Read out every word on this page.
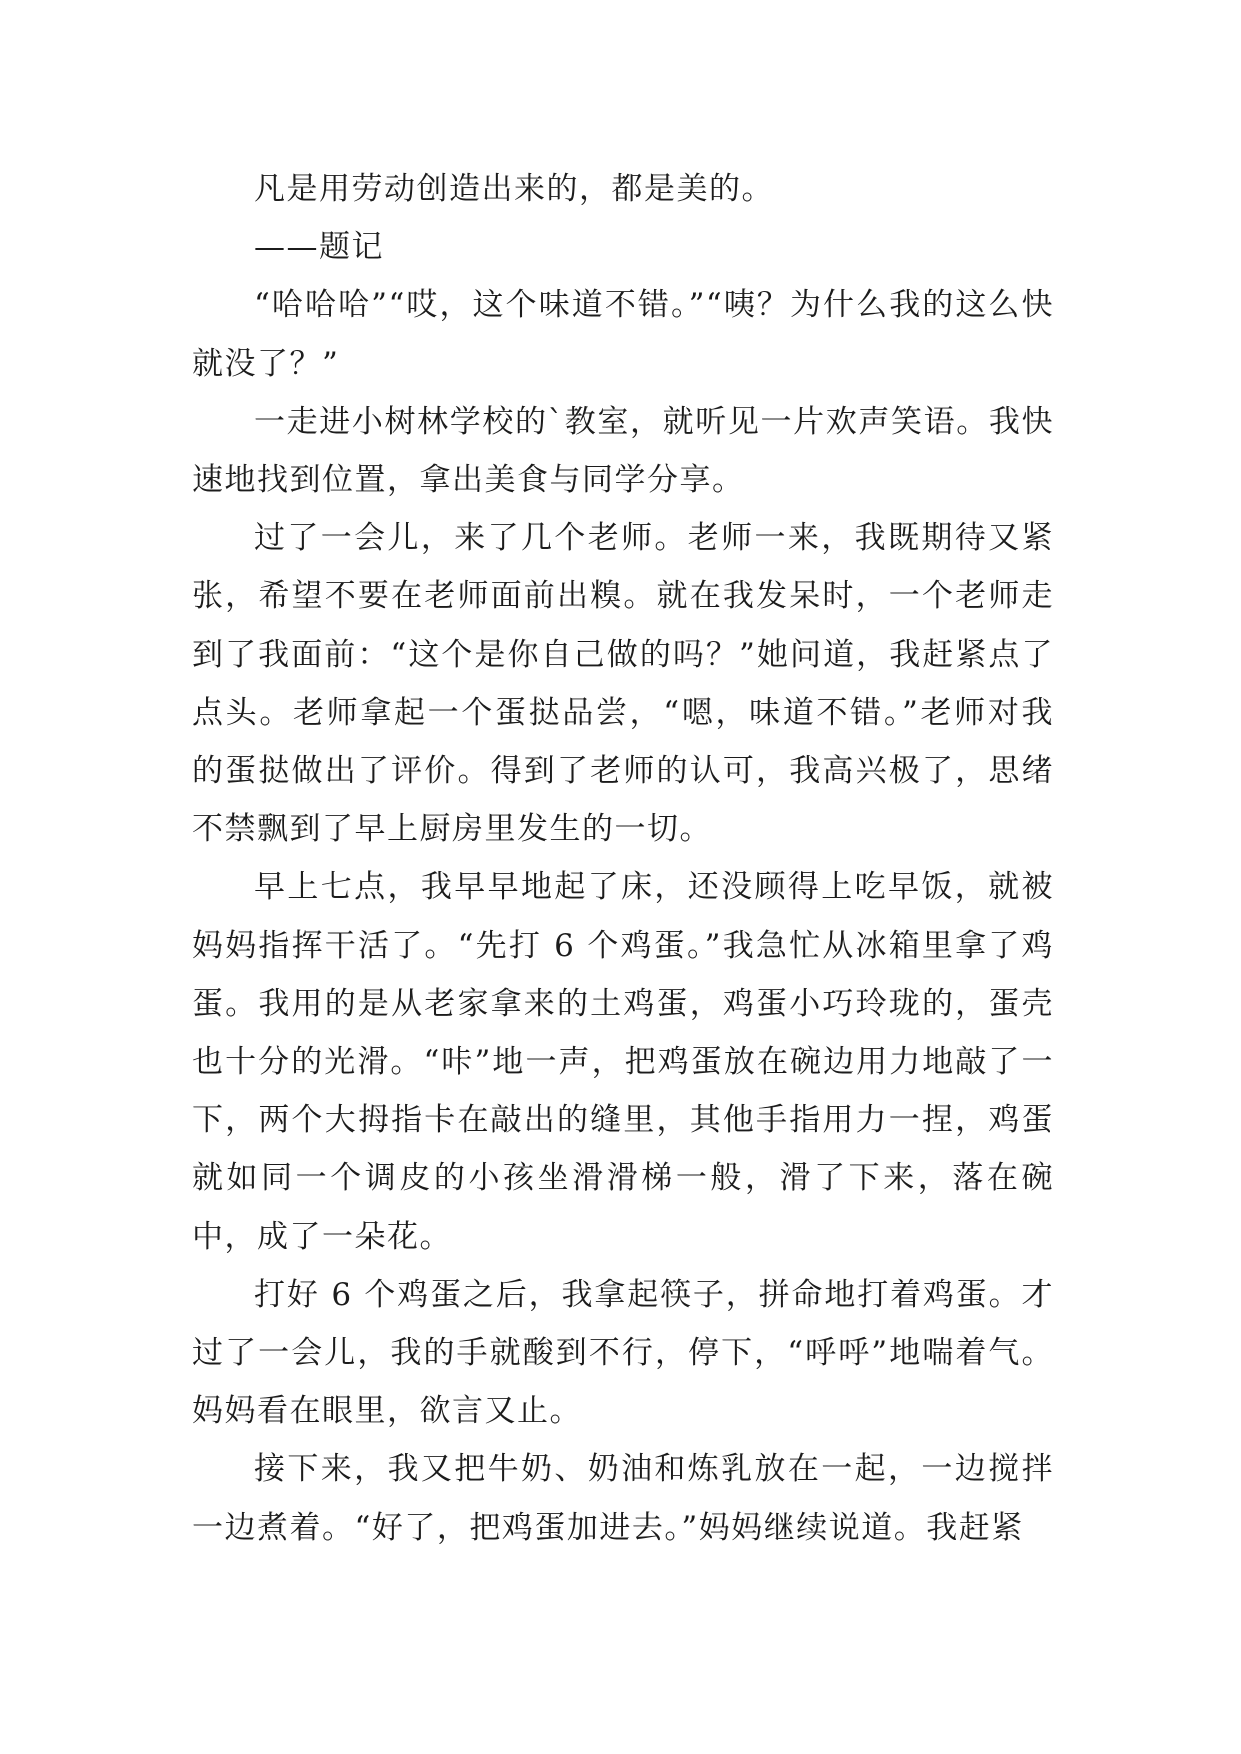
凡是用劳动创造出来的，都是美的。

——题记

“哈哈哈”“哎，这个味道不错。”“咦？为什么我的这么快就没了？”

一走进小树林学校的`教室，就听见一片欢声笑语。我快速地找到位置，拿出美食与同学分享。

过了一会儿，来了几个老师。老师一来，我既期待又紧张，希望不要在老师面前出糗。就在我发呆时，一个老师走到了我面前：“这个是你自己做的吗？”她问道，我赶紧点了点头。老师拿起一个蛋挞品尝，“嗯，味道不错。”老师对我的蛋挞做出了评价。得到了老师的认可，我高兴极了，思绪不禁飘到了早上厨房里发生的一切。

早上七点，我早早地起了床，还没顾得上吃早饭，就被妈妈指挥干活了。“先打 6 个鸡蛋。”我急忙从冰箱里拿了鸡蛋。我用的是从老家拿来的土鸡蛋，鸡蛋小巧玲珑的，蛋壳也十分的光滑。“咔”地一声，把鸡蛋放在碗边用力地敲了一下，两个大拇指卡在敲出的缝里，其他手指用力一捏，鸡蛋就如同一个调皮的小孩坐滑滑梯一般，滑了下来，落在碗中，成了一朵花。

打好 6 个鸡蛋之后，我拿起筷子，拼命地打着鸡蛋。才过了一会儿，我的手就酸到不行，停下，“呼呼”地喘着气。妈妈看在眼里，欲言又止。

接下来，我又把牛奶、奶油和炼乳放在一起，一边搅拌一边煮着。“好了，把鸡蛋加进去。”妈妈继续说道。我赶紧
